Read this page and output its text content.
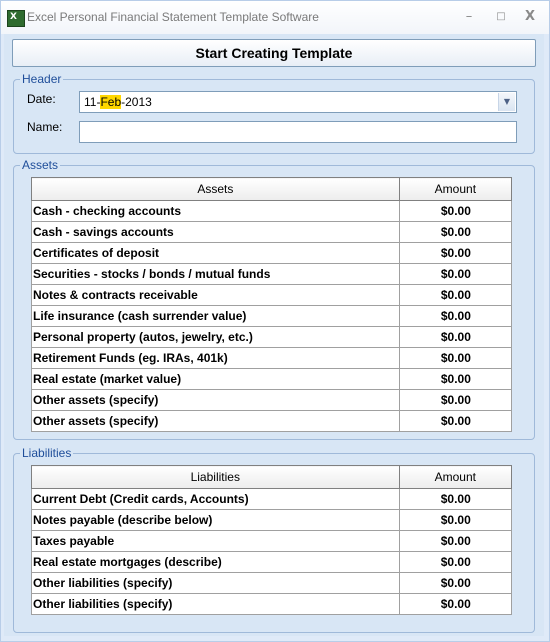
X Excel Personal Financial Statement Template Software	–	□	X
Start Creating Template
Header
Date: 11-Feb-2013	▼
Name:
Assets
Assets	Amount
Cash - checking accounts	$0.00
Cash - savings accounts	$0.00
Certificates of deposit	$0.00
Securities - stocks / bonds / mutual funds	$0.00
Notes & contracts receivable	$0.00
Life insurance (cash surrender value)	$0.00
Personal property (autos, jewelry, etc.)	$0.00
Retirement Funds (eg. IRAs, 401k)	$0.00
Real estate (market value)	$0.00
Other assets (specify)	$0.00
Other assets (specify)	$0.00
Liabilities
Liabilities	Amount
Current Debt (Credit cards, Accounts)	$0.00
Notes payable (describe below)	$0.00
Taxes payable	$0.00
Real estate mortgages (describe)	$0.00
Other liabilities (specify)	$0.00
Other liabilities (specify)	$0.00
